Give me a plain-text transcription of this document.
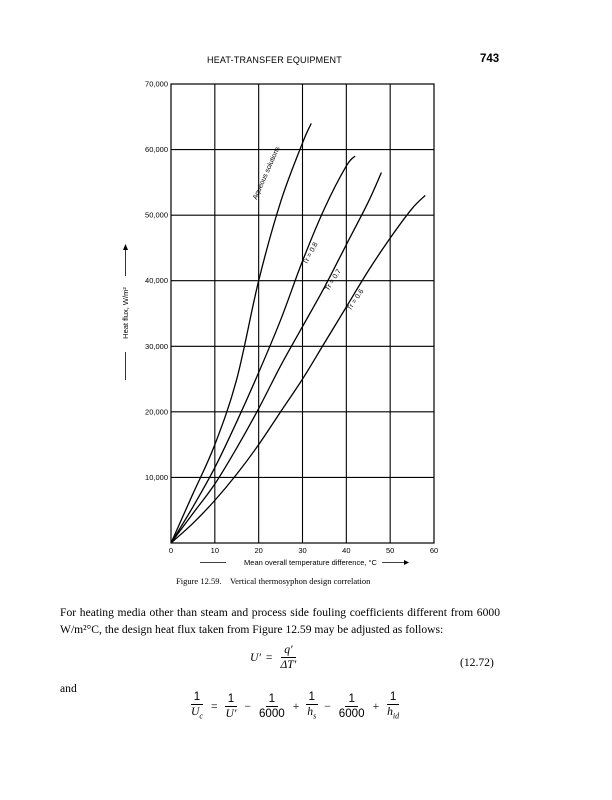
HEAT-TRANSFER EQUIPMENT	743
0	10	20	30	40	50	60
10,000
20,000
30,000
40,000
50,000
60,000
70,000
Aqueous solutions
Tr = 0.8
Tr = 0.7
Tr = 0.6
Mean overall temperature difference, °C
Heat flux, W/m²
Figure 12.59. Vertical thermosyphon design correlation
For heating media other than steam and process side fouling coefficients different from 6000 W/m²°C, the design heat flux taken from Figure 12.59 may be adjusted as follows:
$U' = \frac{q'}{\Delta T'}$	(12.72)
and
$\frac{1}{U_c} = \frac{1}{U'} - \frac{1}{6000} + \frac{1}{h_s} - \frac{1}{6000} + \frac{1}{h_{id}}$
